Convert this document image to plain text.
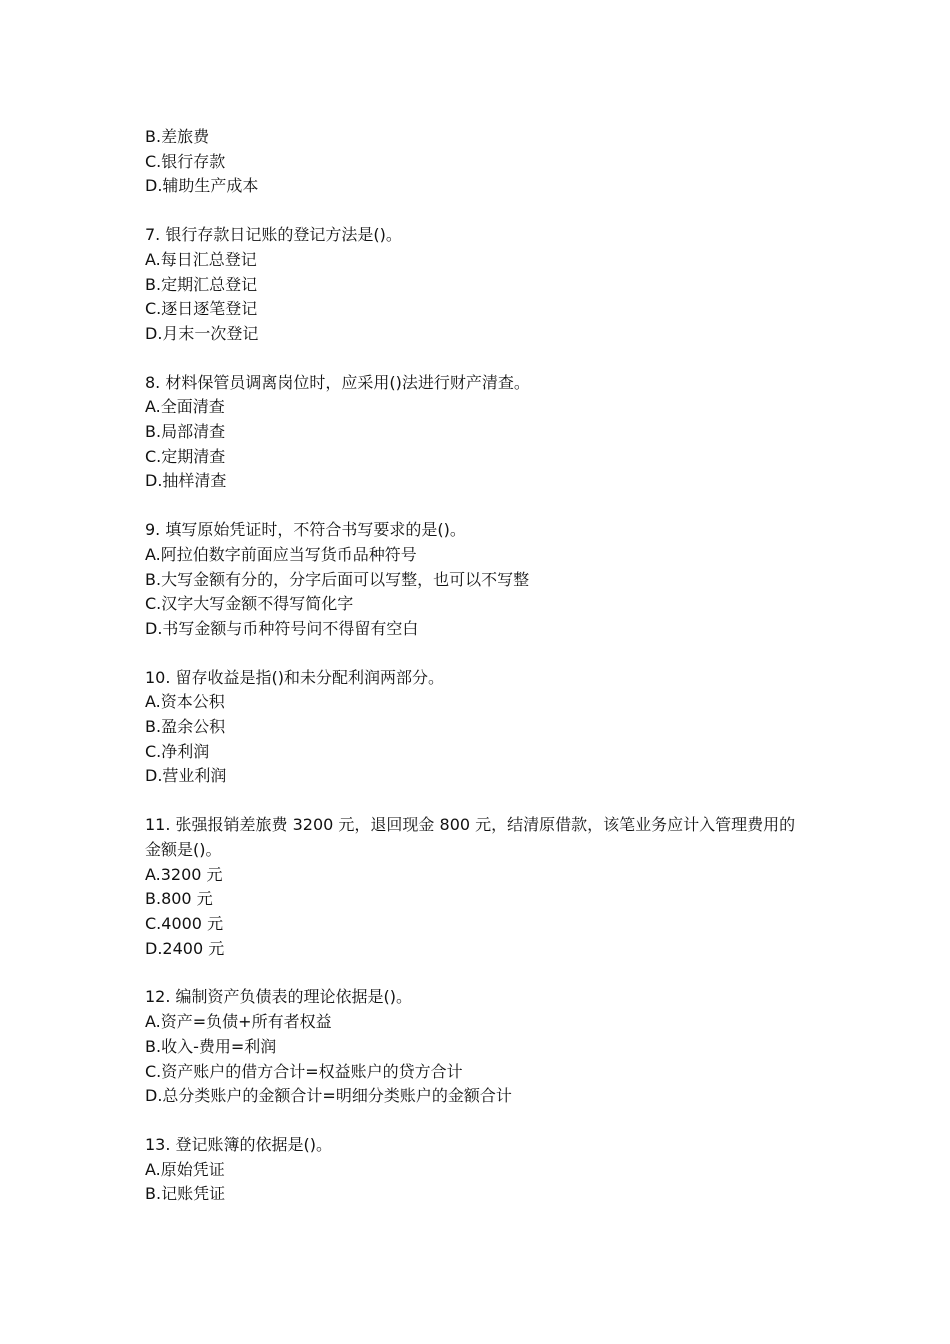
B.差旅费

C.银行存款

D.辅助生产成本

7. 银行存款日记账的登记方法是()。

A.每日汇总登记

B.定期汇总登记

C.逐日逐笔登记

D.月末一次登记

8. 材料保管员调离岗位时，应采用()法进行财产清查。

A.全面清查

B.局部清查

C.定期清查

D.抽样清查

9. 填写原始凭证时，不符合书写要求的是()。

A.阿拉伯数字前面应当写货币品种符号

B.大写金额有分的，分字后面可以写整，也可以不写整

C.汉字大写金额不得写简化字

D.书写金额与币种符号问不得留有空白

10. 留存收益是指()和未分配利润两部分。

A.资本公积

B.盈余公积

C.净利润

D.营业利润

11. 张强报销差旅费 3200 元，退回现金 800 元，结清原借款，该笔业务应计入管理费用的金额是()。

A.3200 元

B.800 元

C.4000 元

D.2400 元

12. 编制资产负债表的理论依据是()。

A.资产=负债+所有者权益

B.收入-费用=利润

C.资产账户的借方合计=权益账户的贷方合计

D.总分类账户的金额合计=明细分类账户的金额合计

13. 登记账簿的依据是()。

A.原始凭证

B.记账凭证
